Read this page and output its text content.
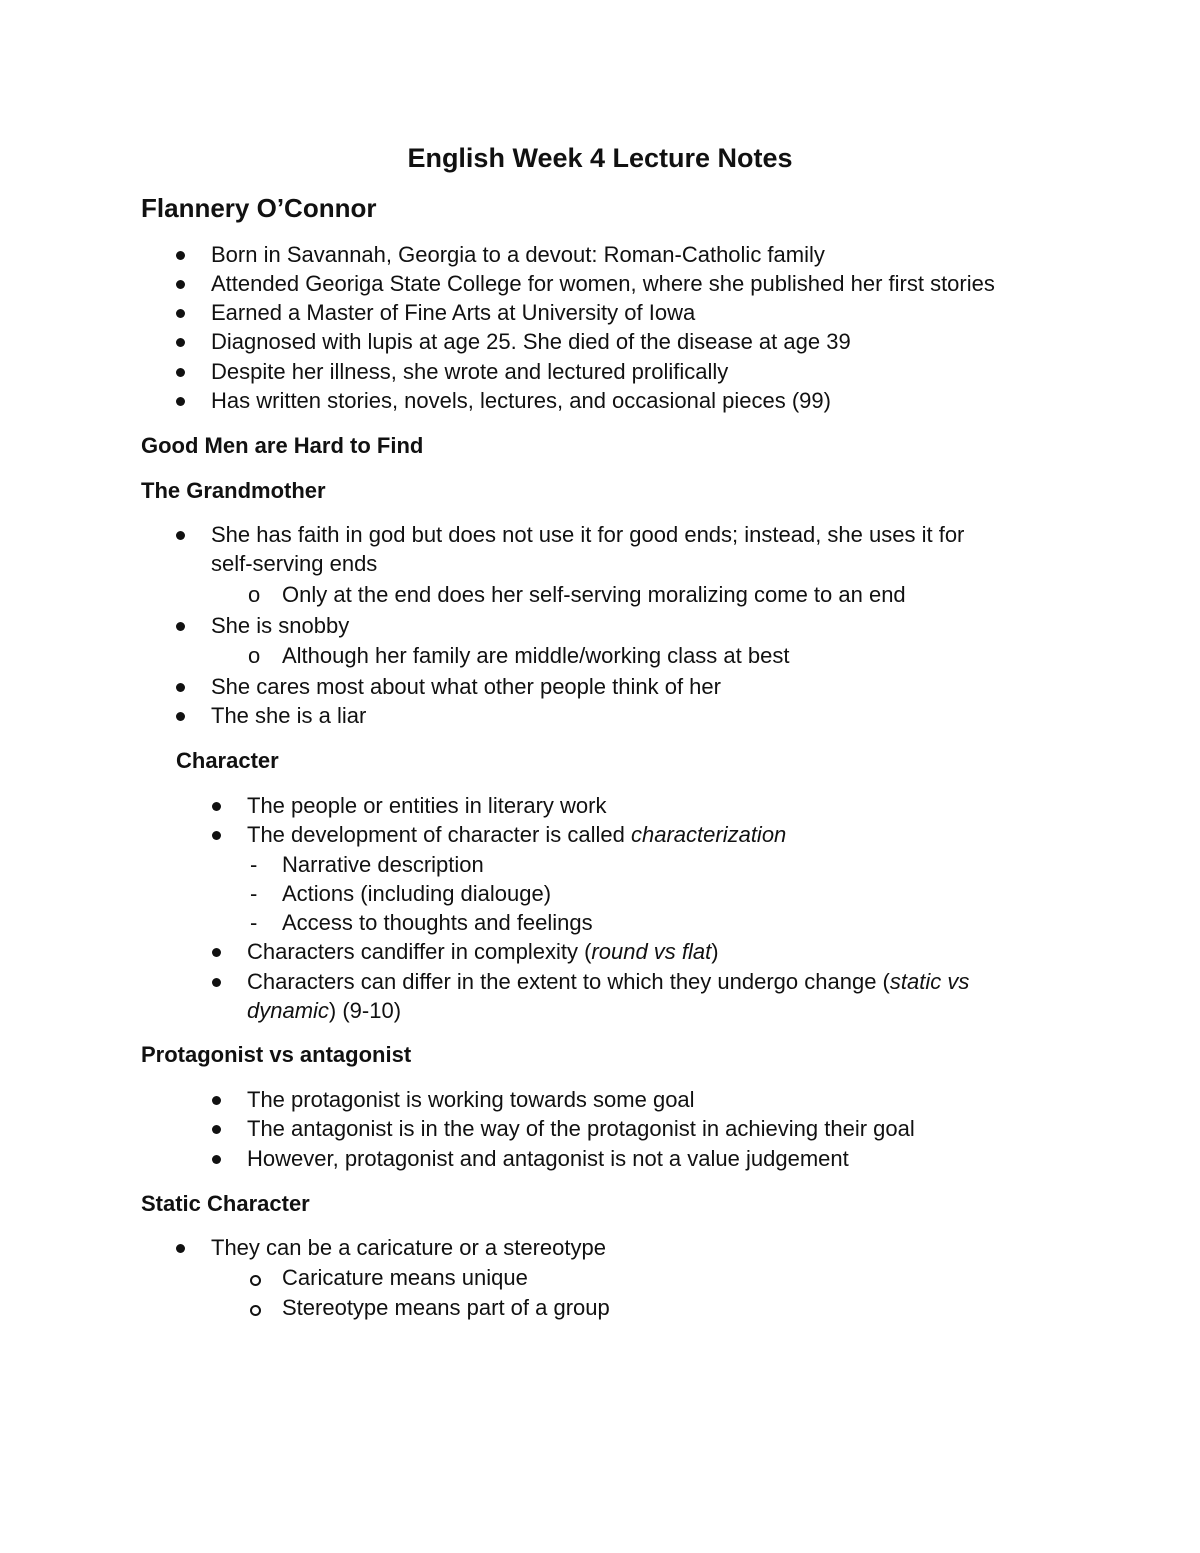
English Week 4 Lecture Notes
Flannery O’Connor
Born in Savannah, Georgia to a devout: Roman-Catholic family
Attended Georiga State College for women, where she published her first stories
Earned a Master of Fine Arts at University of Iowa
Diagnosed with lupis at age 25. She died of the disease at age 39
Despite her illness, she wrote and lectured prolifically
Has written stories, novels, lectures, and occasional pieces (99)
Good Men are Hard to Find
The Grandmother
She has faith in god but does not use it for good ends; instead, she uses it for
self-serving ends
o Only at the end does her self-serving moralizing come to an end
She is snobby
o Although her family are middle/working class at best
She cares most about what other people think of her
The she is a liar
Character
The people or entities in literary work
The development of character is called characterization
- Narrative description
- Actions (including dialouge)
- Access to thoughts and feelings
Characters candiffer in complexity (round vs flat)
Characters can differ in the extent to which they undergo change (static vs
dynamic) (9-10)
Protagonist vs antagonist
The protagonist is working towards some goal
The antagonist is in the way of the protagonist in achieving their goal
However, protagonist and antagonist is not a value judgement
Static Character
They can be a caricature or a stereotype
Caricature means unique
Stereotype means part of a group
